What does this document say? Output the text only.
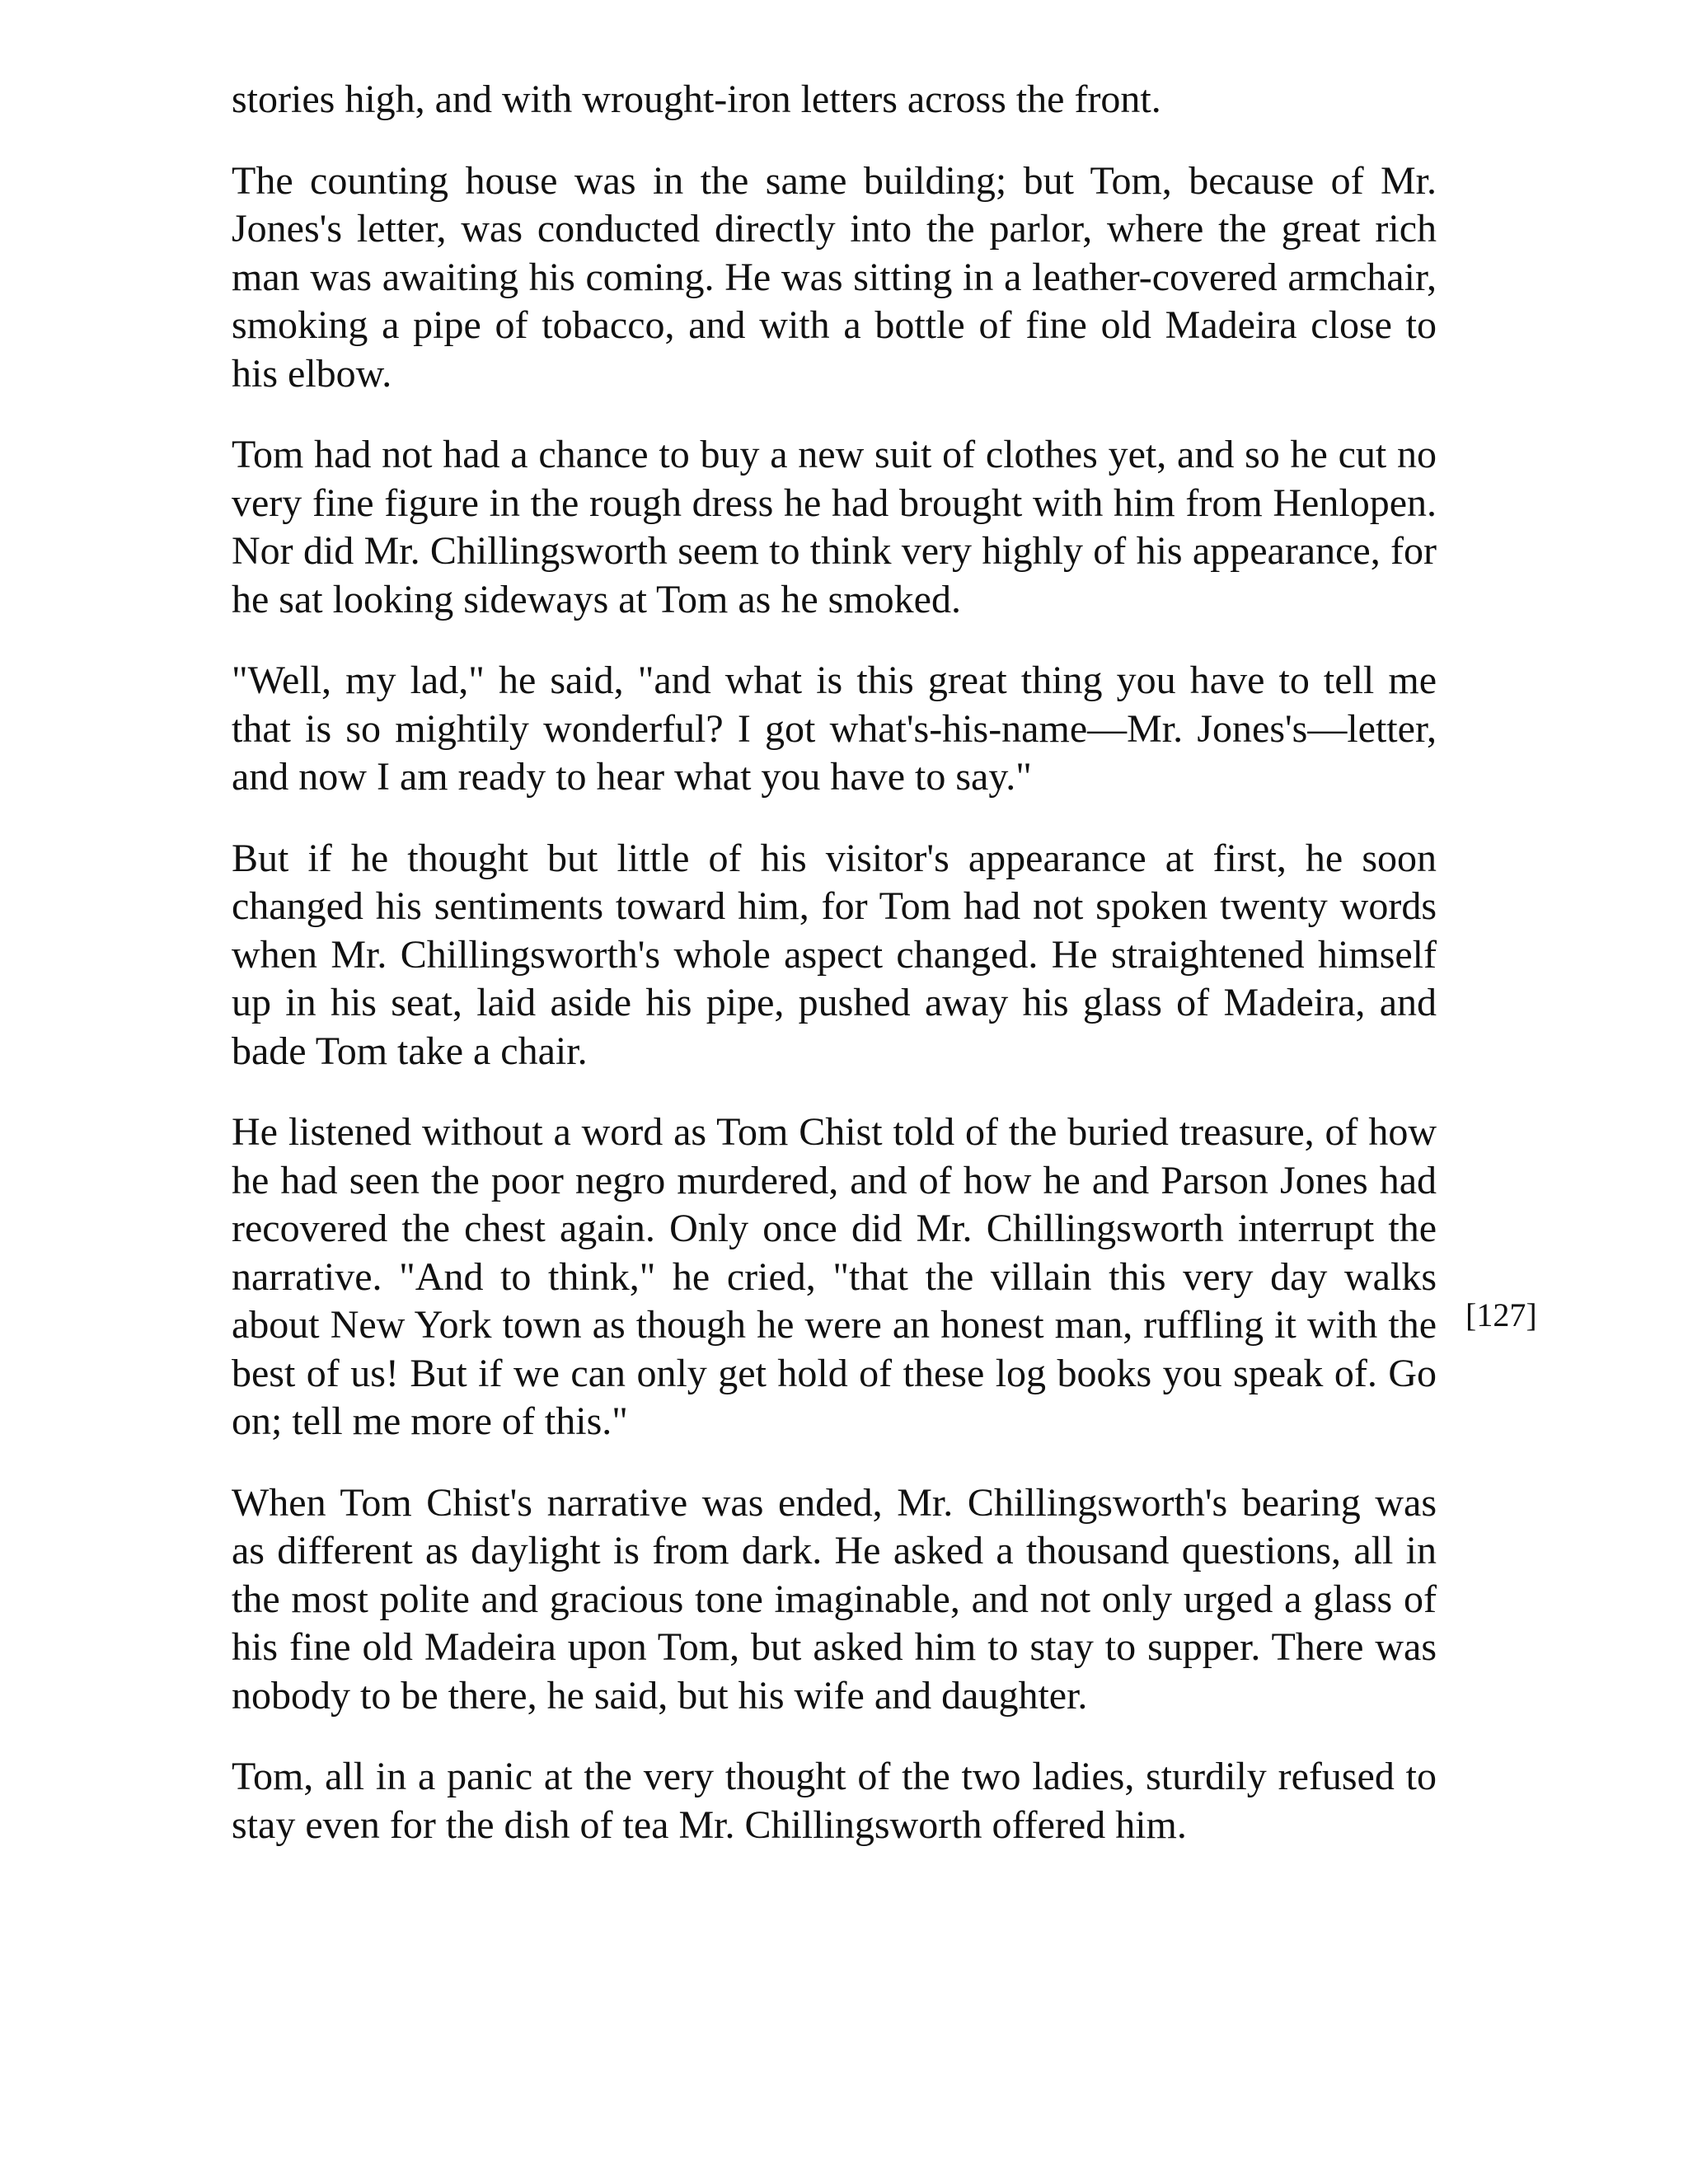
stories high, and with wrought-iron letters across the front.

The counting house was in the same building; but Tom, because of Mr. Jones's letter, was conducted directly into the parlor, where the great rich man was awaiting his coming. He was sitting in a leather-covered armchair, smoking a pipe of tobacco, and with a bottle of fine old Madeira close to his elbow.

Tom had not had a chance to buy a new suit of clothes yet, and so he cut no very fine figure in the rough dress he had brought with him from Henlopen. Nor did Mr. Chillingsworth seem to think very highly of his appearance, for he sat looking sideways at Tom as he smoked.

"Well, my lad," he said, "and what is this great thing you have to tell me that is so mightily wonderful? I got what's-his-name—Mr. Jones's—letter, and now I am ready to hear what you have to say."

But if he thought but little of his visitor's appearance at first, he soon changed his sentiments toward him, for Tom had not spoken twenty words when Mr. Chillingsworth's whole aspect changed. He straightened himself up in his seat, laid aside his pipe, pushed away his glass of Madeira, and bade Tom take a chair.

He listened without a word as Tom Chist told of the buried treasure, of how he had seen the poor negro murdered, and of how he and Parson Jones had recovered the chest again. Only once did Mr. Chillingsworth interrupt the narrative. "And to think," he cried, "that the villain this very day walks about New York town as though he were an honest man, ruffling it with the best of us! But if we can only get hold of these log books you speak of. Go on; tell me more of this."

When Tom Chist's narrative was ended, Mr. Chillingsworth's bearing was as different as daylight is from dark. He asked a thousand questions, all in the most polite and gracious tone imaginable, and not only urged a glass of his fine old Madeira upon Tom, but asked him to stay to supper. There was nobody to be there, he said, but his wife and daughter.

Tom, all in a panic at the very thought of the two ladies, sturdily refused to stay even for the dish of tea Mr. Chillingsworth offered him.

[127]
